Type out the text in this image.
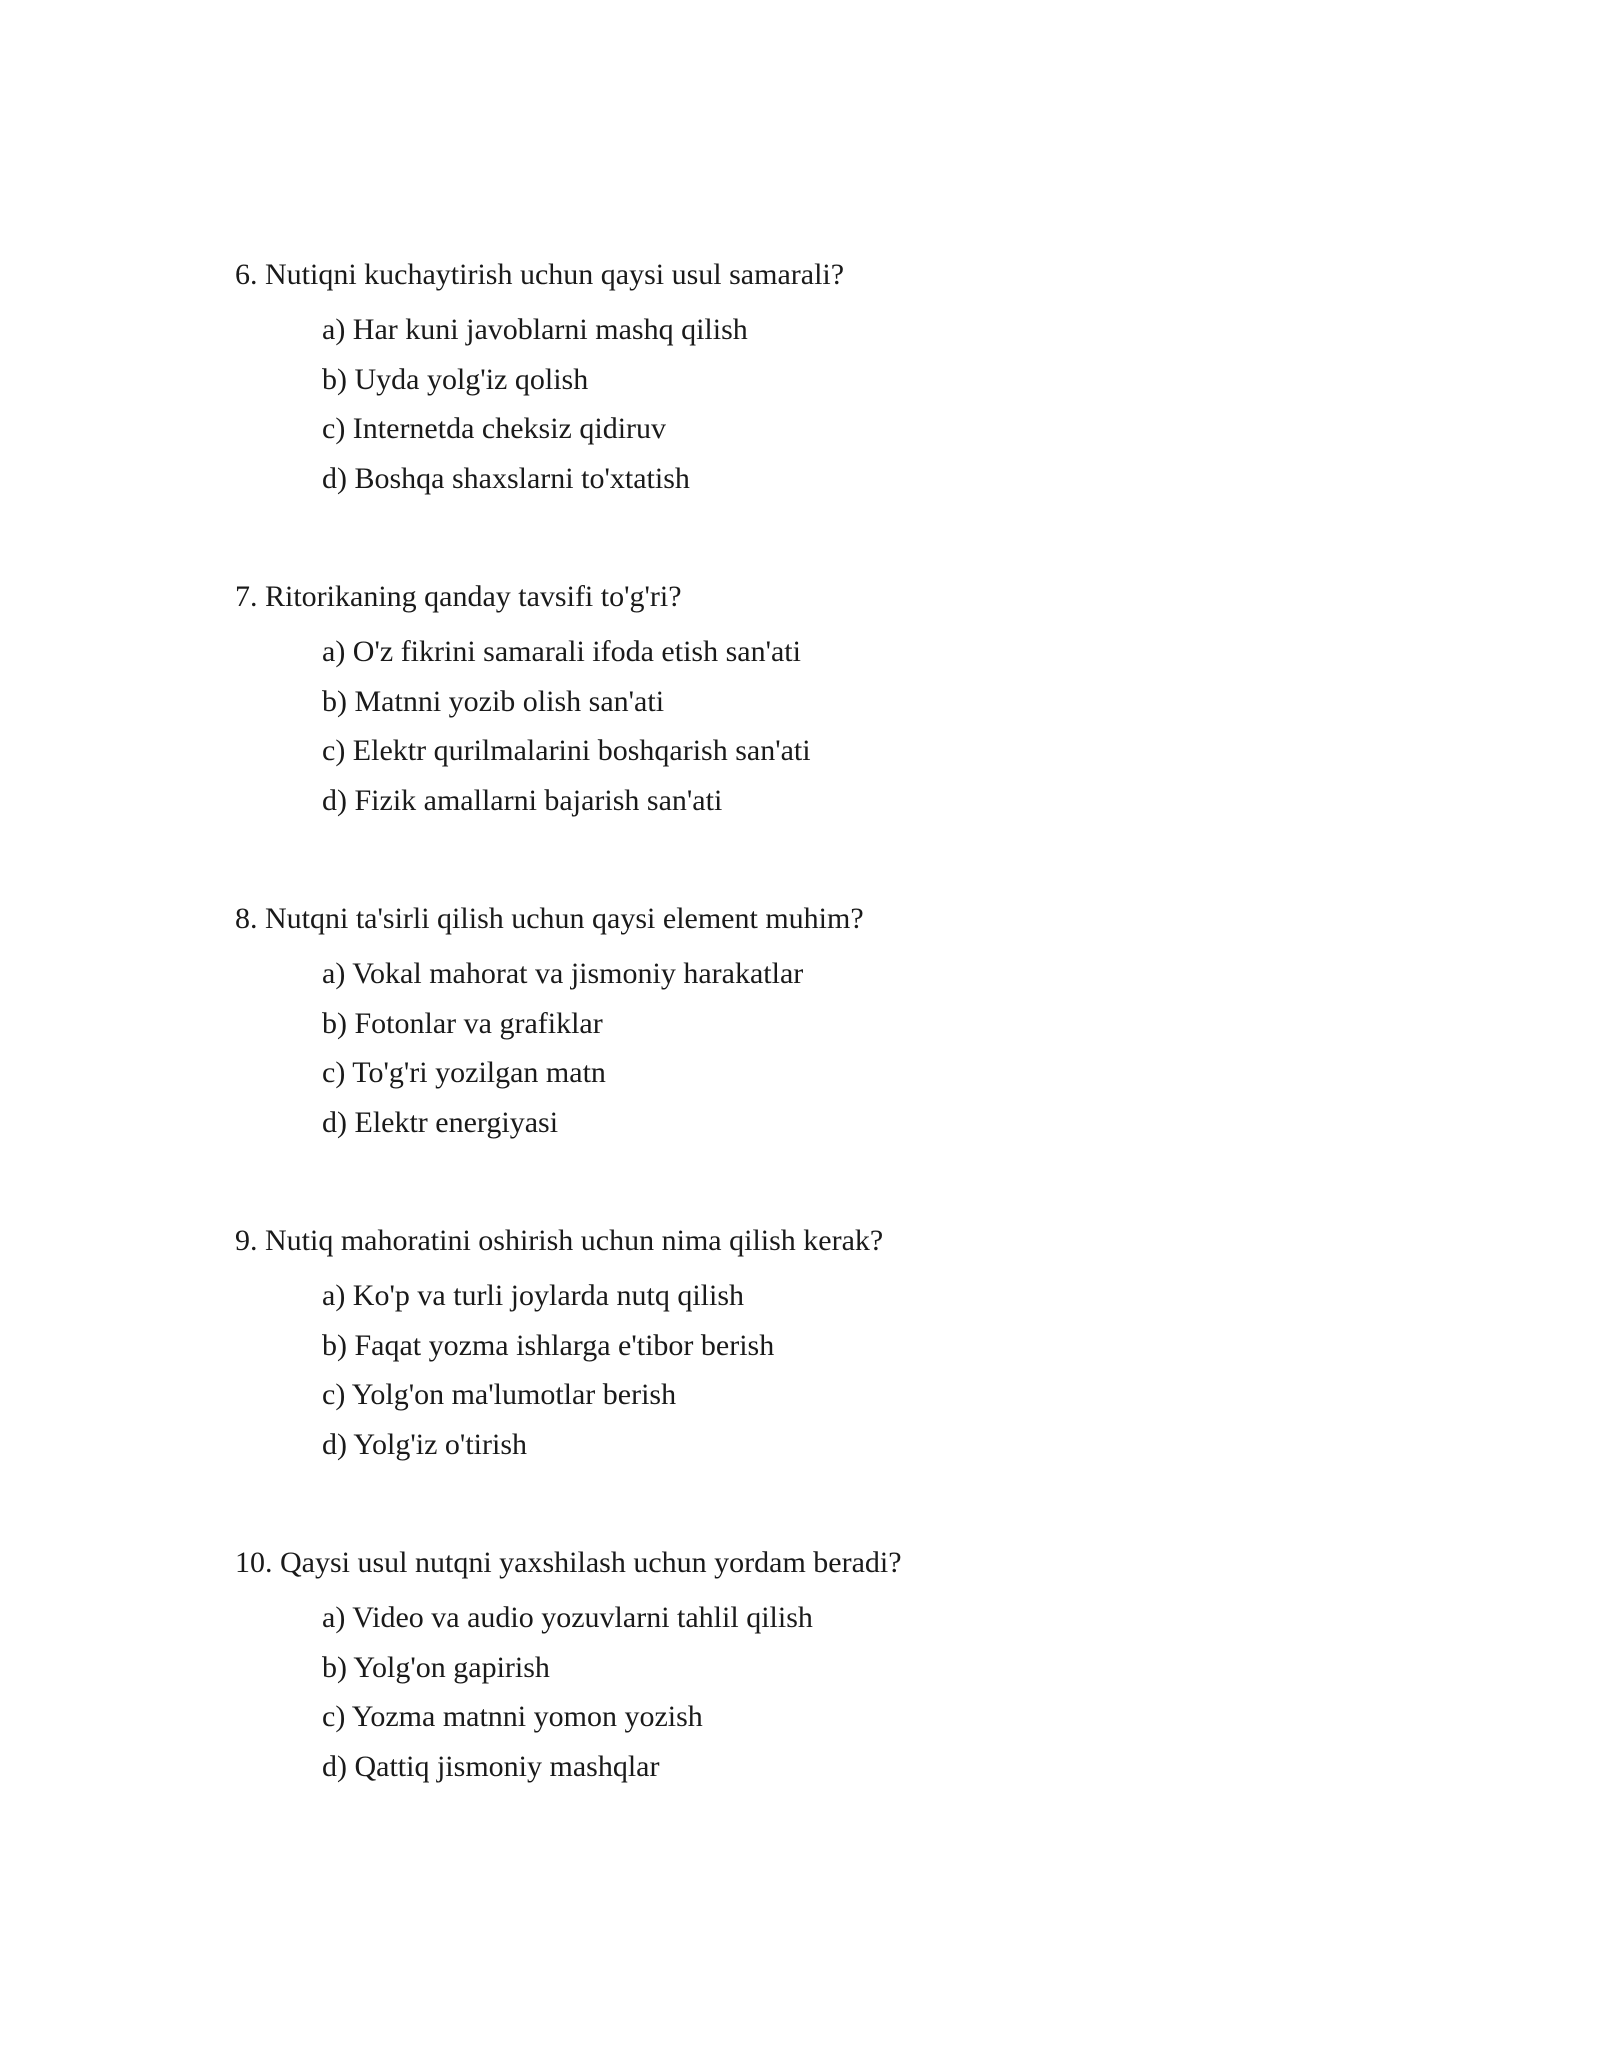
6. Nutiqni kuchaytirish uchun qaysi usul samarali?

a) Har kuni javoblarni mashq qilish
b) Uyda yolg'iz qolish
c) Internetda cheksiz qidiruv
d) Boshqa shaxslarni to'xtatish

7. Ritorikaning qanday tavsifi to'g'ri?

a) O'z fikrini samarali ifoda etish san'ati
b) Matnni yozib olish san'ati
c) Elektr qurilmalarini boshqarish san'ati
d) Fizik amallarni bajarish san'ati

8. Nutqni ta'sirli qilish uchun qaysi element muhim?

a) Vokal mahorat va jismoniy harakatlar
b) Fotonlar va grafiklar
c) To'g'ri yozilgan matn
d) Elektr energiyasi

9. Nutiq mahoratini oshirish uchun nima qilish kerak?

a) Ko'p va turli joylarda nutq qilish
b) Faqat yozma ishlarga e'tibor berish
c) Yolg'on ma'lumotlar berish
d) Yolg'iz o'tirish

10. Qaysi usul nutqni yaxshilash uchun yordam beradi?

a) Video va audio yozuvlarni tahlil qilish
b) Yolg'on gapirish
c) Yozma matnni yomon yozish
d) Qattiq jismoniy mashqlar
